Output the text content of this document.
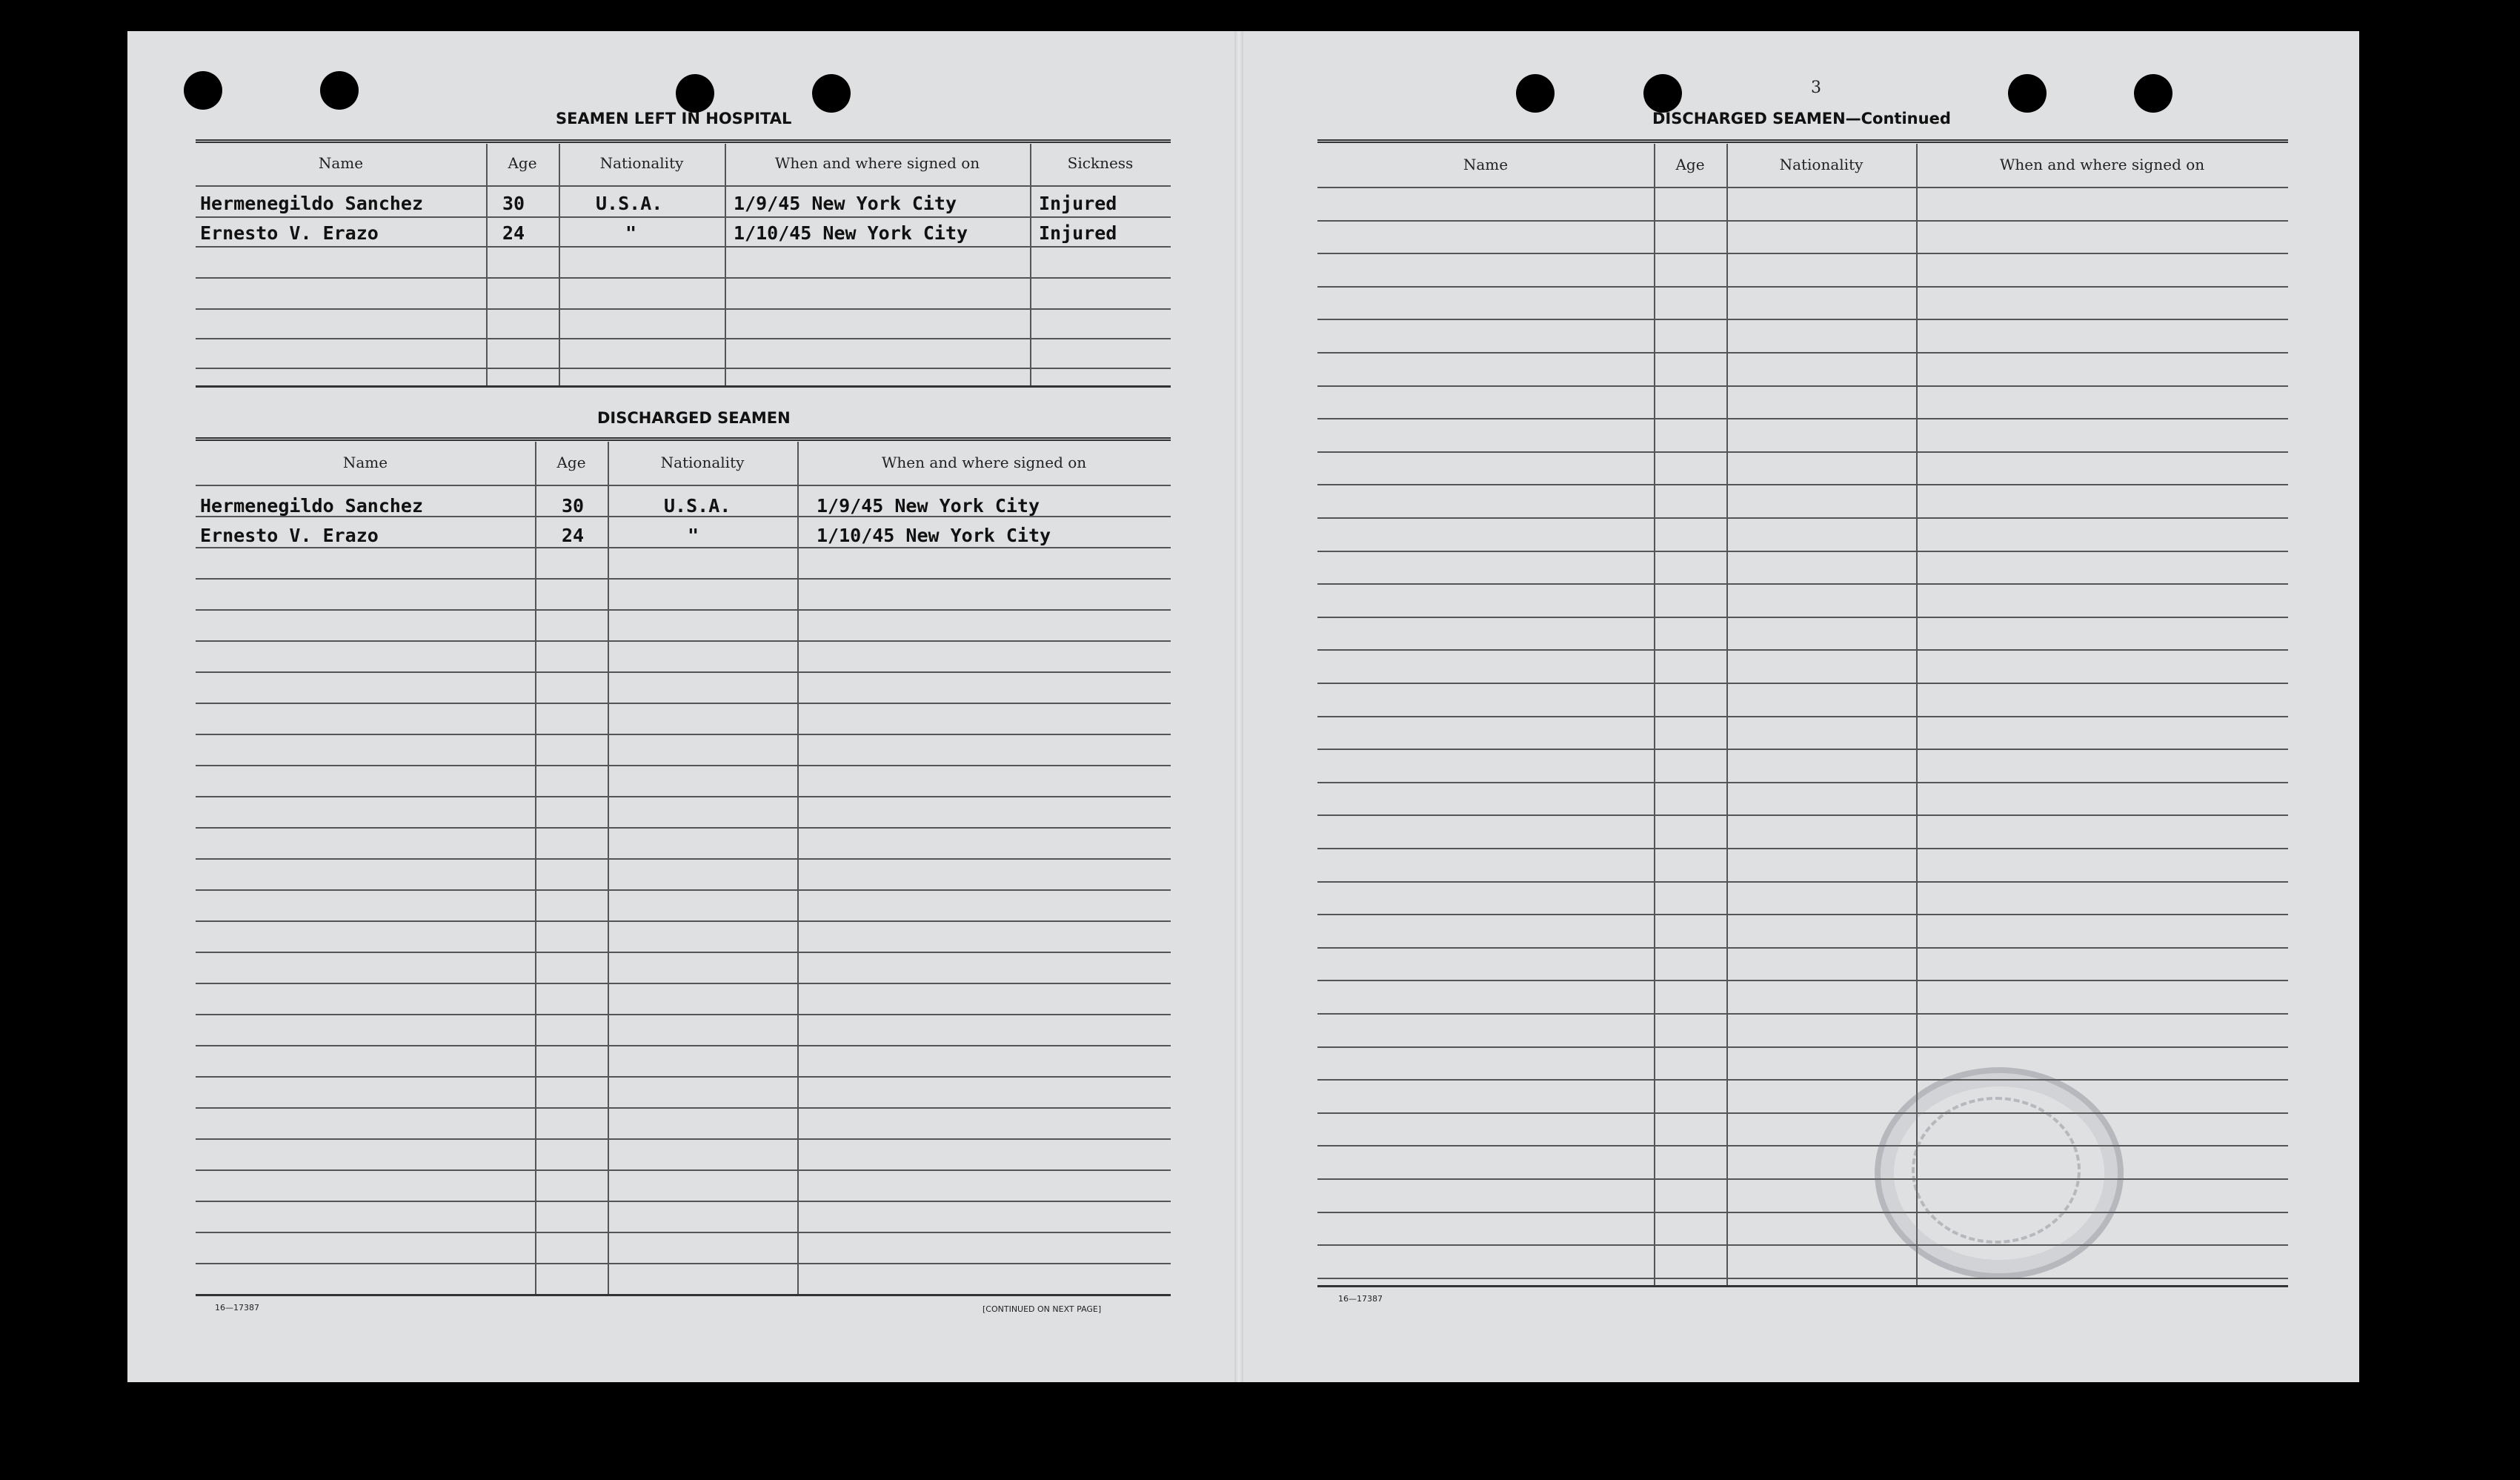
SEAMEN LEFT IN HOSPITAL
Name	Age	Nationality	When and where signed on	Sickness
Hermenegildo Sanchez	30	U.S.A.	1/9/45 New York City	Injured
Ernesto V. Erazo	24	"	1/10/45 New York City	Injured
DISCHARGED SEAMEN
Name	Age	Nationality	When and where signed on
Hermenegildo Sanchez	30	U.S.A.	1/9/45 New York City
Ernesto V. Erazo	24	"	1/10/45 New York City
16—17387	[CONTINUED ON NEXT PAGE]
3
DISCHARGED SEAMEN—Continued
Name	Age	Nationality	When and where signed on
16—17387
